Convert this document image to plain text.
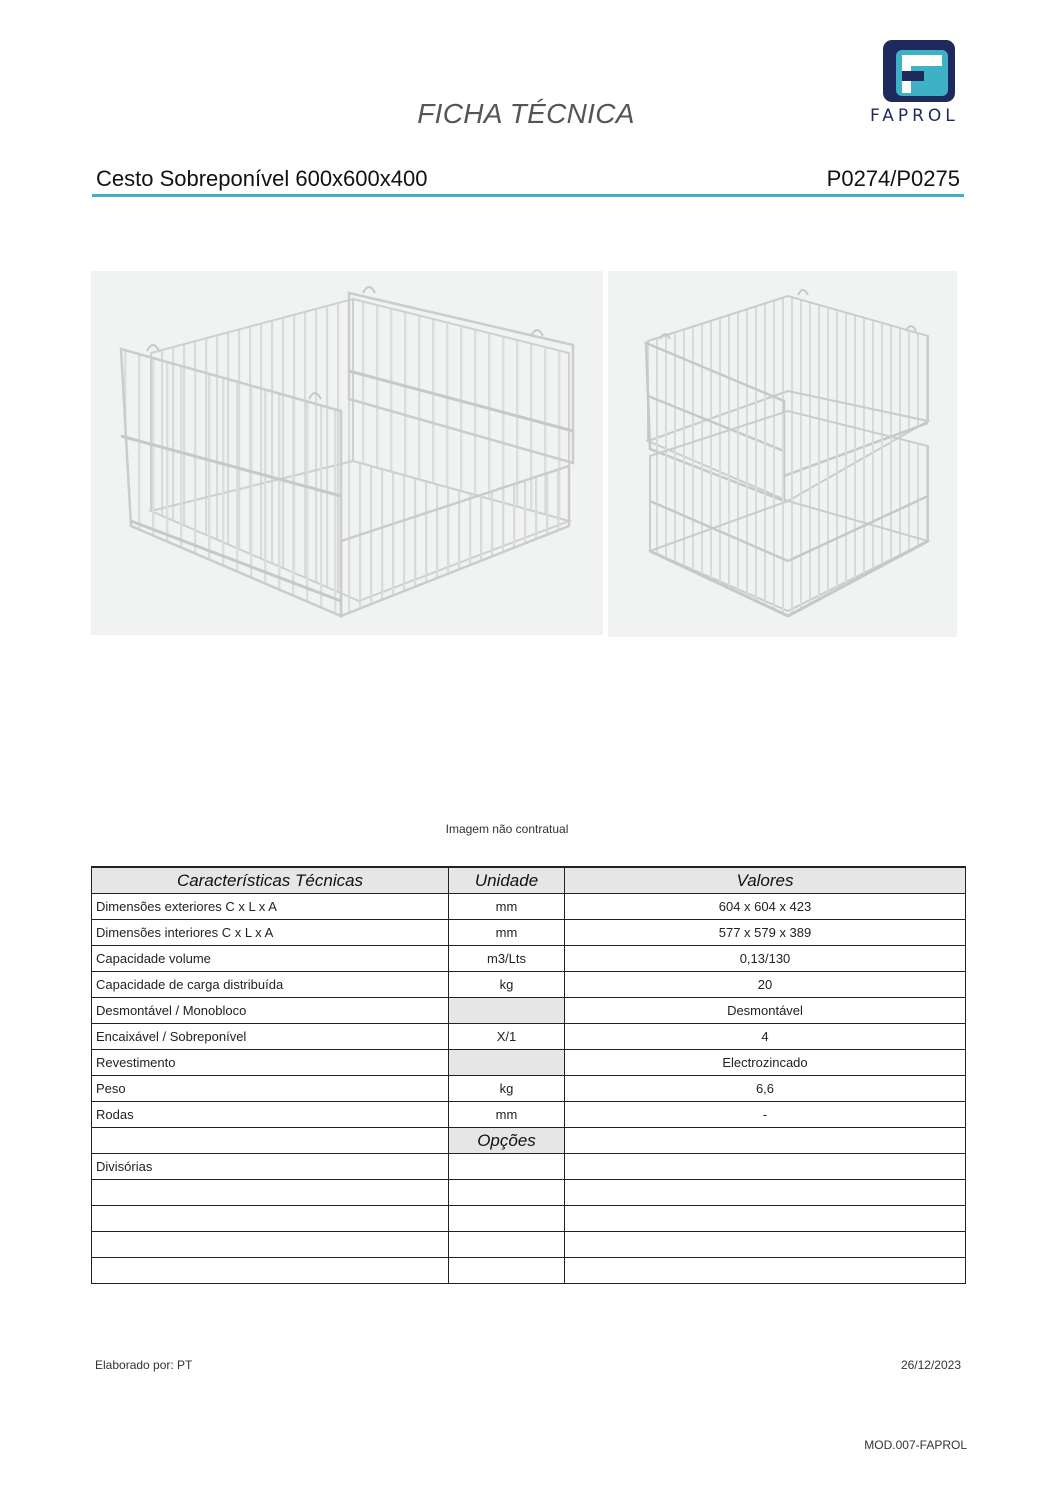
FICHA TÉCNICA	FAPROL
Cesto Sobreponível 600x600x400	P0274/P0275
Imagem não contratual
Características Técnicas	Unidade	Valores
Dimensões exteriores C x L x A	mm	604 x 604 x 423
Dimensões interiores C x L x A	mm	577 x 579 x 389
Capacidade volume	m3/Lts	0,13/130
Capacidade de carga distribuída	kg	20
Desmontável / Monobloco		Desmontável
Encaixável / Sobreponível	X/1	4
Revestimento		Electrozincado
Peso	kg	6,6
Rodas	mm	-
	Opções	
Divisórias		

Elaborado por: PT	26/12/2023
MOD.007-FAPROL
